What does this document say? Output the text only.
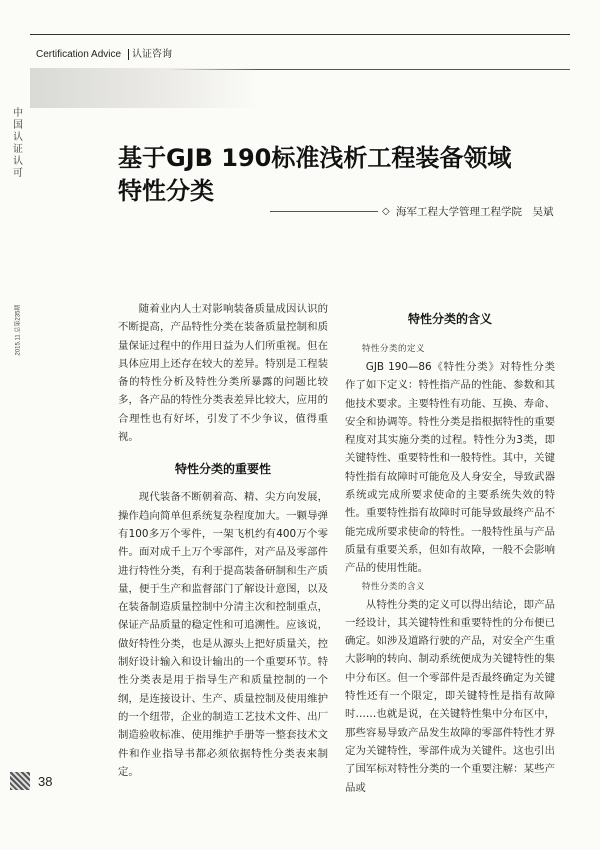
Certification Advice 认证咨询
中国认证认可
2015.11 总第235期
基于GJB 190标准浅析工程装备领域
特性分类
◇ 海军工程大学管理工程学院　吴斌

随着业内人士对影响装备质量成因认识的不断提高，产品特性分类在装备质量控制和质量保证过程中的作用日益为人们所重视。但在具体应用上还存在较大的差异。特别是工程装备的特性分析及特性分类所暴露的问题比较多，各产品的特性分类表差异比较大，应用的合理性也有好坏，引发了不少争议，值得重视。

特性分类的重要性

现代装备不断朝着高、精、尖方向发展，操作趋向简单但系统复杂程度加大。一颗导弹有100多万个零件，一架飞机约有400万个零件。面对成千上万个零部件，对产品及零部件进行特性分类，有利于提高装备研制和生产质量，便于生产和监督部门了解设计意图，以及在装备制造质量控制中分清主次和控制重点，保证产品质量的稳定性和可追溯性。应该说，做好特性分类，也是从源头上把好质量关，控制好设计输入和设计输出的一个重要环节。特性分类表是用于指导生产和质量控制的一个纲，是连接设计、生产、质量控制及使用维护的一个纽带，企业的制造工艺技术文件、出厂制造验收标准、使用维护手册等一整套技术文件和作业指导书都必须依据特性分类表来制定。

特性分类的含义
特性分类的定义

GJB 190—86《特性分类》对特性分类作了如下定义：特性指产品的性能、参数和其他技术要求。主要特性有功能、互换、寿命、安全和协调等。特性分类是指根据特性的重要程度对其实施分类的过程。特性分为3类，即关键特性、重要特性和一般特性。其中，关键特性指有故障时可能危及人身安全，导致武器系统或完成所要求使命的主要系统失效的特性。重要特性指有故障时可能导致最终产品不能完成所要求使命的特性。一般特性虽与产品质量有重要关系，但如有故障，一般不会影响产品的使用性能。

特性分类的含义

从特性分类的定义可以得出结论，即产品一经设计，其关键特性和重要特性的分布便已确定。如涉及道路行驶的产品，对安全产生重大影响的转向、制动系统便成为关键特性的集中分布区。但一个零部件是否最终确定为关键特性还有一个限定，即关键特性是指有故障时……也就是说，在关键特性集中分布区中，那些容易导致产品发生故障的零部件特性才界定为关键特性，零部件成为关键件。这也引出了国军标对特性分类的一个重要注解：某些产品或

38
